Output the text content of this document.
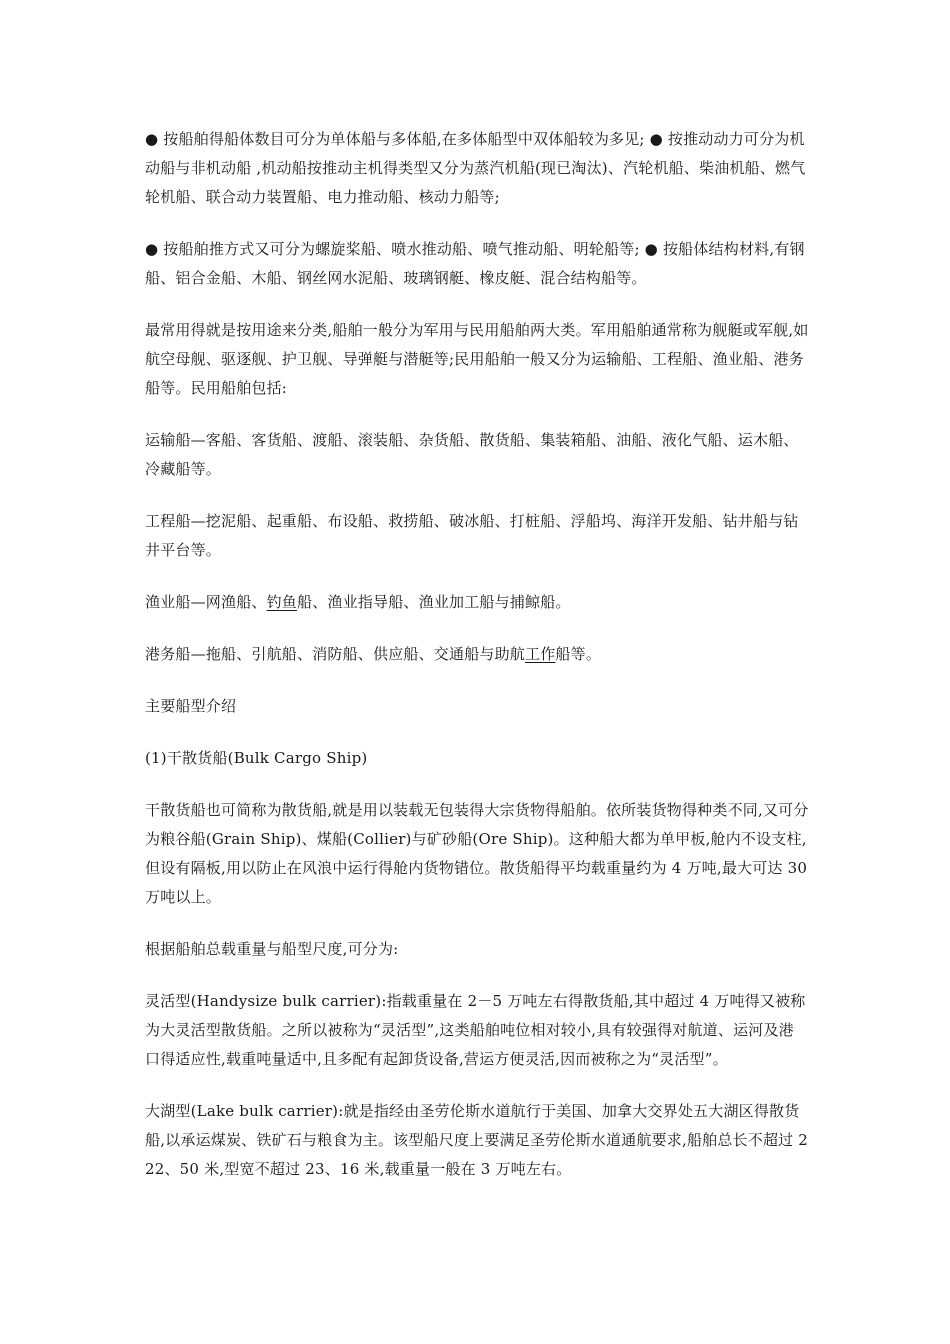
● 按船舶得船体数目可分为单体船与多体船,在多体船型中双体船较为多见; ● 按推动动力可分为机动船与非机动船 ,机动船按推动主机得类型又分为蒸汽机船(现已淘汰)、汽轮机船、柴油机船、燃气轮机船、联合动力装置船、电力推动船、核动力船等;

● 按船舶推方式又可分为螺旋桨船、喷水推动船、喷气推动船、明轮船等; ● 按船体结构材料,有钢船、铝合金船、木船、钢丝网水泥船、玻璃钢艇、橡皮艇、混合结构船等。

最常用得就是按用途来分类,船舶一般分为军用与民用船舶两大类。军用船舶通常称为舰艇或军舰,如航空母舰、驱逐舰、护卫舰、导弹艇与潜艇等;民用船舶一般又分为运输船、工程船、渔业船、港务船等。民用船舶包括:

运输船—客船、客货船、渡船、滚装船、杂货船、散货船、集装箱船、油船、液化气船、运木船、冷藏船等。

工程船—挖泥船、起重船、布设船、救捞船、破冰船、打桩船、浮船坞、海洋开发船、钻井船与钻井平台等。

渔业船—网渔船、钓鱼船、渔业指导船、渔业加工船与捕鲸船。

港务船—拖船、引航船、消防船、供应船、交通船与助航工作船等。

主要船型介绍

(1)干散货船(Bulk Cargo Ship)

干散货船也可简称为散货船,就是用以装载无包装得大宗货物得船舶。依所装货物得种类不同,又可分为粮谷船(Grain Ship)、煤船(Collier)与矿砂船(Ore Ship)。这种船大都为单甲板,舱内不设支柱,但设有隔板,用以防止在风浪中运行得舱内货物错位。散货船得平均载重量约为 4 万吨,最大可达 30 万吨以上。

根据船舶总载重量与船型尺度,可分为:

灵活型(Handysize bulk carrier):指载重量在 2－5 万吨左右得散货船,其中超过 4 万吨得又被称为大灵活型散货船。之所以被称为“灵活型”,这类船舶吨位相对较小,具有较强得对航道、运河及港口得适应性,载重吨量适中,且多配有起卸货设备,营运方便灵活,因而被称之为“灵活型”。

大湖型(Lake bulk carrier):就是指经由圣劳伦斯水道航行于美国、加拿大交界处五大湖区得散货船,以承运煤炭、铁矿石与粮食为主。该型船尺度上要满足圣劳伦斯水道通航要求,船舶总长不超过 222、50 米,型宽不超过 23、16 米,载重量一般在 3 万吨左右。
